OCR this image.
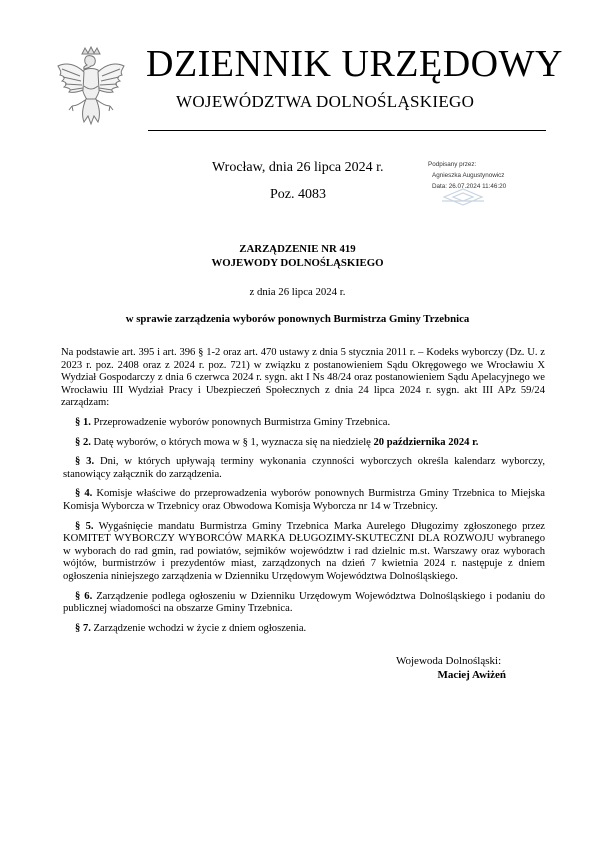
DZIENNIK URZĘDOWY
WOJEWÓDZTWA DOLNOŚLĄSKIEGO
Wrocław, dnia 26 lipca 2024 r.
Poz. 4083
Podpisany przez:
Agnieszka Augustynowicz
Data: 26.07.2024 11:46:20
ZARZĄDZENIE NR 419
WOJEWODY DOLNOŚLĄSKIEGO
z dnia 26 lipca 2024 r.
w sprawie zarządzenia wyborów ponownych Burmistrza Gminy Trzebnica

Na podstawie art. 395 i art. 396 § 1-2 oraz art. 470 ustawy z dnia 5 stycznia 2011 r. – Kodeks wyborczy (Dz. U. z 2023 r. poz. 2408 oraz z 2024 r. poz. 721) w związku z postanowieniem Sądu Okręgowego we Wrocławiu X Wydział Gospodarczy z dnia 6 czerwca 2024 r. sygn. akt I Ns 48/24 oraz postanowieniem Sądu Apelacyjnego we Wrocławiu III Wydział Pracy i Ubezpieczeń Społecznych z dnia 24 lipca 2024 r. sygn. akt III APz 59/24 zarządzam:

§ 1. Przeprowadzenie wyborów ponownych Burmistrza Gminy Trzebnica.

§ 2. Datę wyborów, o których mowa w § 1, wyznacza się na niedzielę 20 października 2024 r.

§ 3. Dni, w których upływają terminy wykonania czynności wyborczych określa kalendarz wyborczy, stanowiący załącznik do zarządzenia.

§ 4. Komisje właściwe do przeprowadzenia wyborów ponownych Burmistrza Gminy Trzebnica to Miejska Komisja Wyborcza w Trzebnicy oraz Obwodowa Komisja Wyborcza nr 14 w Trzebnicy.

§ 5. Wygaśnięcie mandatu Burmistrza Gminy Trzebnica Marka Aurelego Długozimy zgłoszonego przez KOMITET WYBORCZY WYBORCÓW MARKA DŁUGOZIMY-SKUTECZNI DLA ROZWOJU wybranego w wyborach do rad gmin, rad powiatów, sejmików województw i rad dzielnic m.st. Warszawy oraz wyborach wójtów, burmistrzów i prezydentów miast, zarządzonych na dzień 7 kwietnia 2024 r. następuje z dniem ogłoszenia niniejszego zarządzenia w Dzienniku Urzędowym Województwa Dolnośląskiego.

§ 6. Zarządzenie podlega ogłoszeniu w Dzienniku Urzędowym Województwa Dolnośląskiego i podaniu do publicznej wiadomości na obszarze Gminy Trzebnica.

§ 7. Zarządzenie wchodzi w życie z dniem ogłoszenia.

Wojewoda Dolnośląski:
Maciej Awiżeń
